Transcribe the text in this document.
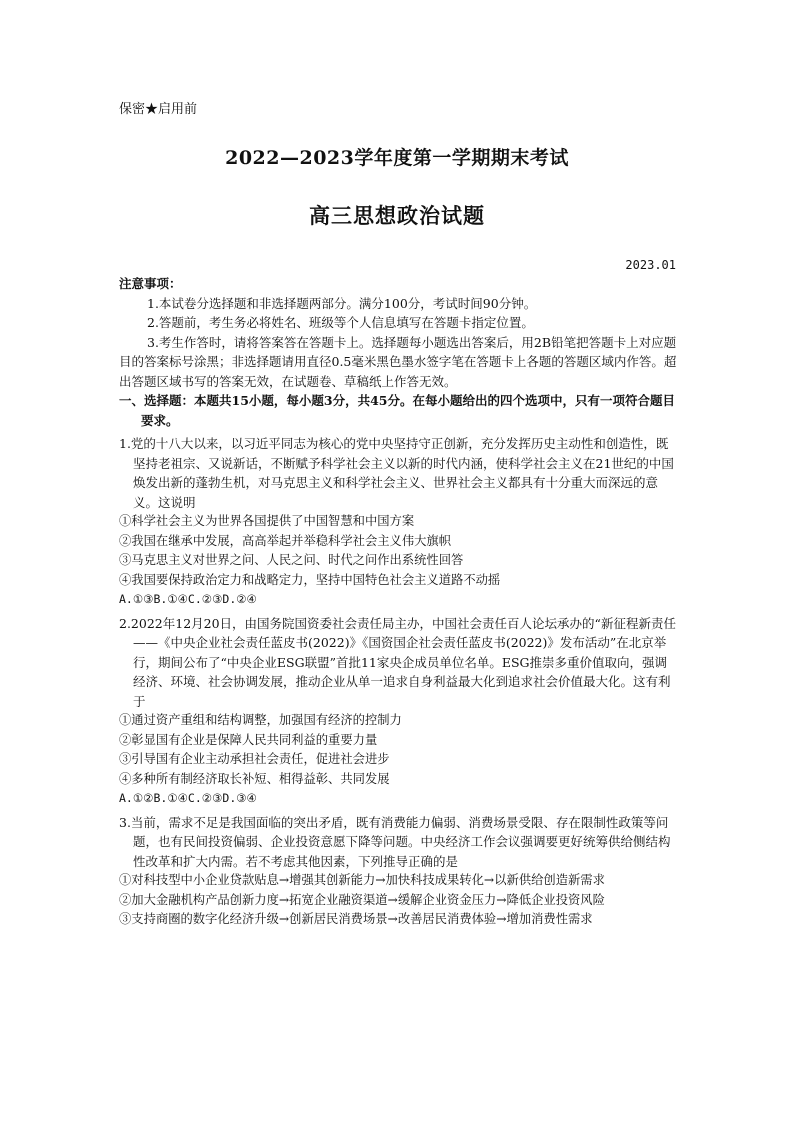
保密★启用前
2022—2023学年度第一学期期末考试
高三思想政治试题
2023.01

注意事项：

1.本试卷分选择题和非选择题两部分。满分100分，考试时间90分钟。

2.答题前，考生务必将姓名、班级等个人信息填写在答题卡指定位置。

3.考生作答时，请将答案答在答题卡上。选择题每小题选出答案后，用2B铅笔把答题卡上对应题目的答案标号涂黑；非选择题请用直径0.5毫米黑色墨水签字笔在答题卡上各题的答题区域内作答。超出答题区域书写的答案无效，在试题卷、草稿纸上作答无效。

一、选择题：本题共15小题，每小题3分，共45分。在每小题给出的四个选项中，只有一项符合题目要求。

1.党的十八大以来，以习近平同志为核心的党中央坚持守正创新，充分发挥历史主动性和创造性，既坚持老祖宗、又说新话，不断赋予科学社会主义以新的时代内涵，使科学社会主义在21世纪的中国焕发出新的蓬勃生机，对马克思主义和科学社会主义、世界社会主义都具有十分重大而深远的意义。这说明

①科学社会主义为世界各国提供了中国智慧和中国方案

②我国在继承中发展，高高举起并举稳科学社会主义伟大旗帜

③马克思主义对世界之问、人民之问、时代之问作出系统性回答

④我国要保持政治定力和战略定力，坚持中国特色社会主义道路不动摇

A.①③B.①④C.②③D.②④

2.2022年12月20日，由国务院国资委社会责任局主办，中国社会责任百人论坛承办的“新征程新责任——《中央企业社会责任蓝皮书(2022)》《国资国企社会责任蓝皮书(2022)》发布活动”在北京举行，期间公布了“中央企业ESG联盟”首批11家央企成员单位名单。ESG推崇多重价值取向，强调经济、环境、社会协调发展，推动企业从单一追求自身利益最大化到追求社会价值最大化。这有利于

①通过资产重组和结构调整，加强国有经济的控制力

②彰显国有企业是保障人民共同利益的重要力量

③引导国有企业主动承担社会责任，促进社会进步

④多种所有制经济取长补短、相得益彰、共同发展

A.①②B.①④C.②③D.③④

3.当前，需求不足是我国面临的突出矛盾，既有消费能力偏弱、消费场景受限、存在限制性政策等问题，也有民间投资偏弱、企业投资意愿下降等问题。中央经济工作会议强调要更好统筹供给侧结构性改革和扩大内需。若不考虑其他因素，下列推导正确的是

①对科技型中小企业贷款贴息→增强其创新能力→加快科技成果转化→以新供给创造新需求

②加大金融机构产品创新力度→拓宽企业融资渠道→缓解企业资金压力→降低企业投资风险

③支持商圈的数字化经济升级→创新居民消费场景→改善居民消费体验→增加消费性需求
